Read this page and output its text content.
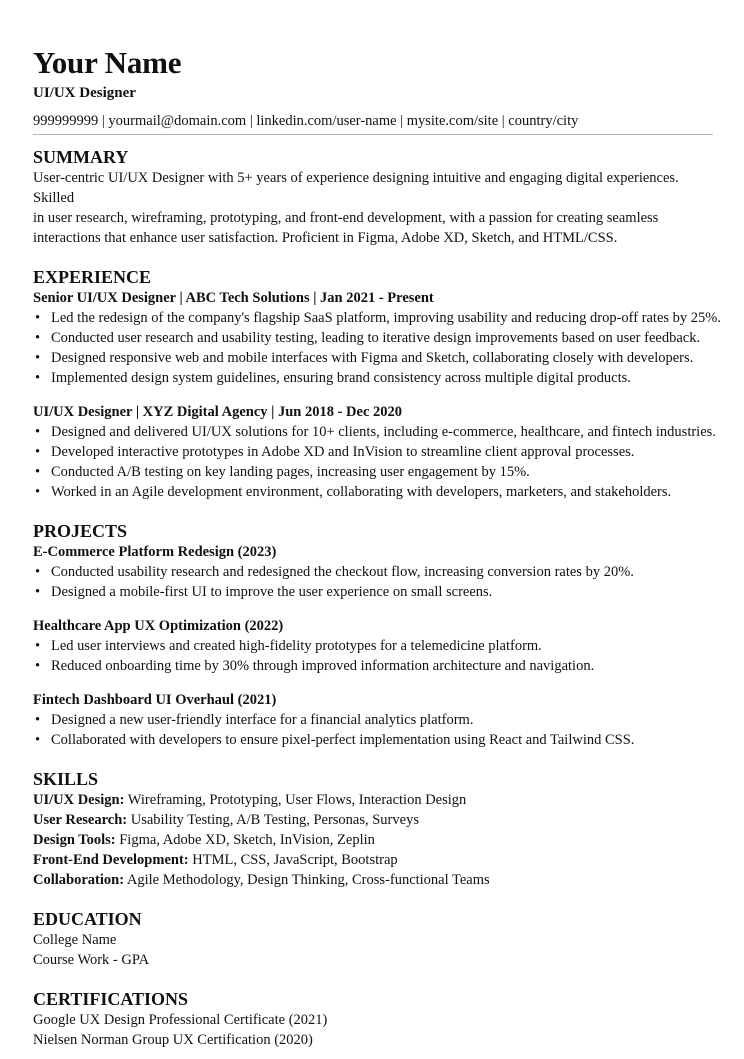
Your Name
UI/UX Designer
999999999 | yourmail@domain.com | linkedin.com/user-name | mysite.com/site | country/city
SUMMARY
User-centric UI/UX Designer with 5+ years of experience designing intuitive and engaging digital experiences. Skilled
in user research, wireframing, prototyping, and front-end development, with a passion for creating seamless
interactions that enhance user satisfaction. Proficient in Figma, Adobe XD, Sketch, and HTML/CSS.
EXPERIENCE
Senior UI/UX Designer | ABC Tech Solutions | Jan 2021 - Present
• Led the redesign of the company's flagship SaaS platform, improving usability and reducing drop-off rates by 25%.
• Conducted user research and usability testing, leading to iterative design improvements based on user feedback.
• Designed responsive web and mobile interfaces with Figma and Sketch, collaborating closely with developers.
• Implemented design system guidelines, ensuring brand consistency across multiple digital products.
UI/UX Designer | XYZ Digital Agency | Jun 2018 - Dec 2020
• Designed and delivered UI/UX solutions for 10+ clients, including e-commerce, healthcare, and fintech industries.
• Developed interactive prototypes in Adobe XD and InVision to streamline client approval processes.
• Conducted A/B testing on key landing pages, increasing user engagement by 15%.
• Worked in an Agile development environment, collaborating with developers, marketers, and stakeholders.
PROJECTS
E-Commerce Platform Redesign (2023)
• Conducted usability research and redesigned the checkout flow, increasing conversion rates by 20%.
• Designed a mobile-first UI to improve the user experience on small screens.
Healthcare App UX Optimization (2022)
• Led user interviews and created high-fidelity prototypes for a telemedicine platform.
• Reduced onboarding time by 30% through improved information architecture and navigation.
Fintech Dashboard UI Overhaul (2021)
• Designed a new user-friendly interface for a financial analytics platform.
• Collaborated with developers to ensure pixel-perfect implementation using React and Tailwind CSS.
SKILLS
UI/UX Design: Wireframing, Prototyping, User Flows, Interaction Design
User Research: Usability Testing, A/B Testing, Personas, Surveys
Design Tools: Figma, Adobe XD, Sketch, InVision, Zeplin
Front-End Development: HTML, CSS, JavaScript, Bootstrap
Collaboration: Agile Methodology, Design Thinking, Cross-functional Teams
EDUCATION
College Name
Course Work - GPA
CERTIFICATIONS
Google UX Design Professional Certificate (2021)
Nielsen Norman Group UX Certification (2020)
